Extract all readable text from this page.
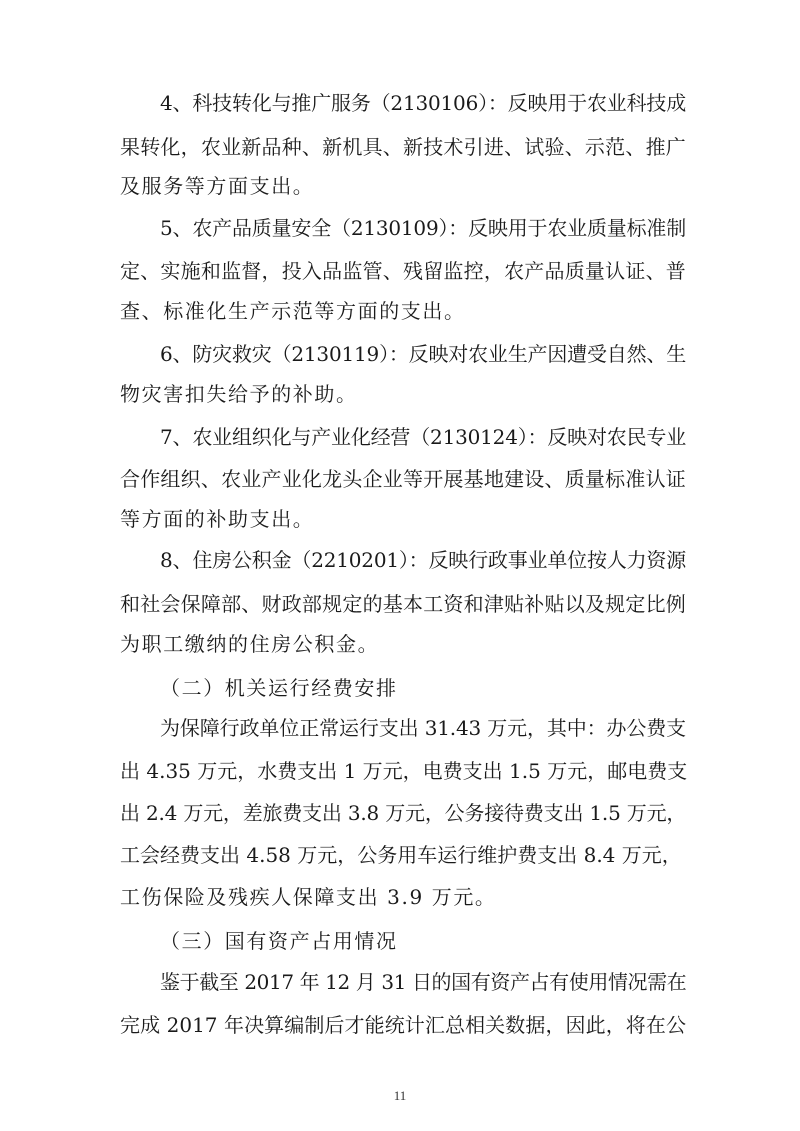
4、科技转化与推广服务（2130106）：反映用于农业科技成
果转化，农业新品种、新机具、新技术引进、试验、示范、推广
及服务等方面支出。
5、农产品质量安全（2130109）：反映用于农业质量标准制
定、实施和监督，投入品监管、残留监控，农产品质量认证、普
查、标准化生产示范等方面的支出。
6、防灾救灾（2130119）：反映对农业生产因遭受自然、生
物灾害扣失给予的补助。
7、农业组织化与产业化经营（2130124）：反映对农民专业
合作组织、农业产业化龙头企业等开展基地建设、质量标准认证
等方面的补助支出。
8、住房公积金（2210201）：反映行政事业单位按人力资源
和社会保障部、财政部规定的基本工资和津贴补贴以及规定比例
为职工缴纳的住房公积金。
（二）机关运行经费安排
为保障行政单位正常运行支出 31.43 万元，其中：办公费支
出 4.35 万元，水费支出 1 万元，电费支出 1.5 万元，邮电费支
出 2.4 万元，差旅费支出 3.8 万元，公务接待费支出 1.5 万元，
工会经费支出 4.58 万元，公务用车运行维护费支出 8.4 万元，
工伤保险及残疾人保障支出 3.9 万元。
（三）国有资产占用情况
鉴于截至 2017 年 12 月 31 日的国有资产占有使用情况需在
完成 2017 年决算编制后才能统计汇总相关数据，因此，将在公
11
